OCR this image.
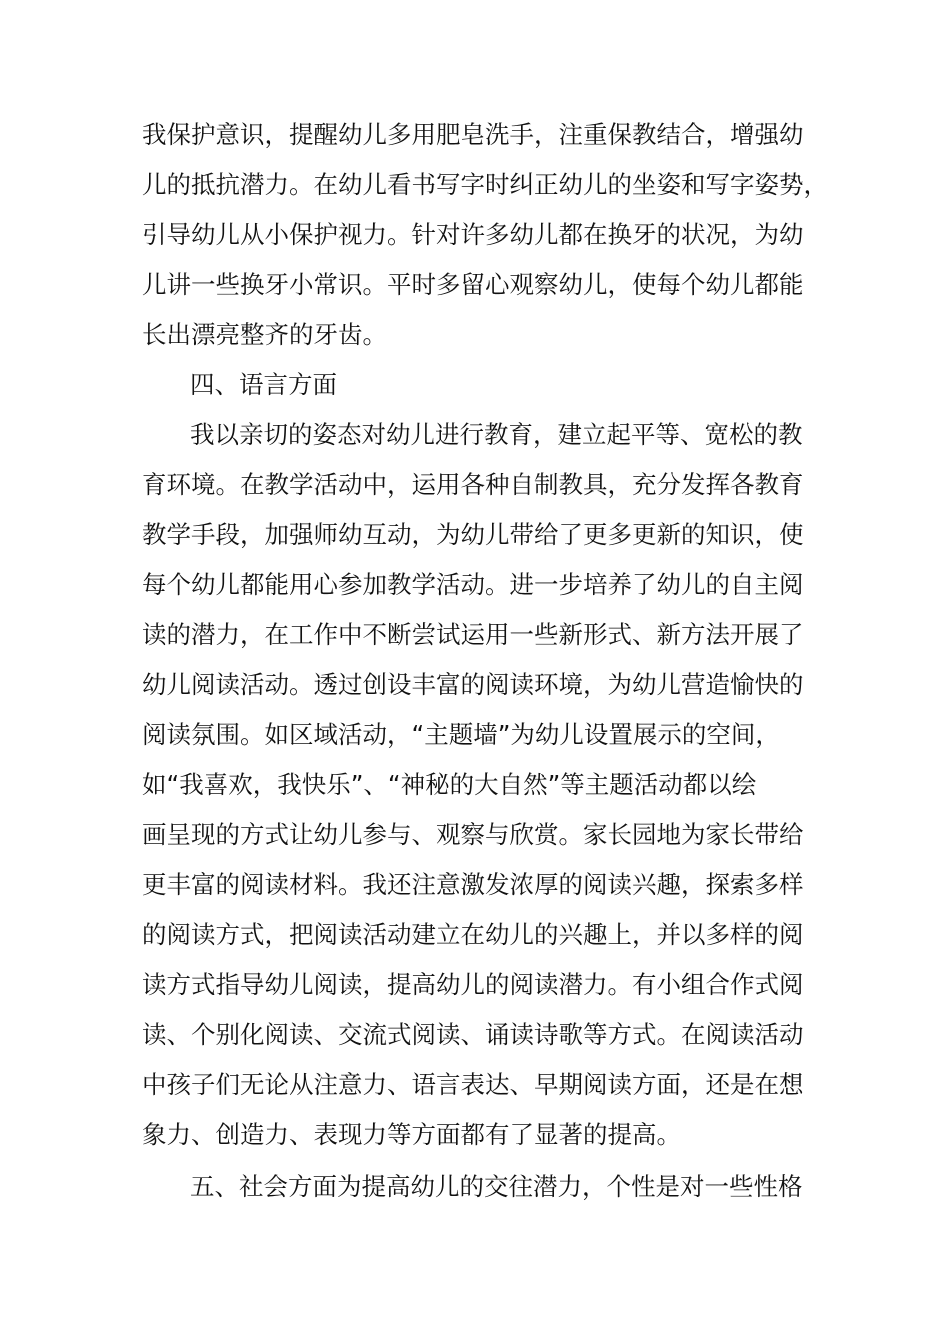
我保护意识，提醒幼儿多用肥皂洗手，注重保教结合，增强幼
儿的抵抗潜力。在幼儿看书写字时纠正幼儿的坐姿和写字姿势，
引导幼儿从小保护视力。针对许多幼儿都在换牙的状况，为幼
儿讲一些换牙小常识。平时多留心观察幼儿，使每个幼儿都能
长出漂亮整齐的牙齿。
四、语言方面
我以亲切的姿态对幼儿进行教育，建立起平等、宽松的教
育环境。在教学活动中，运用各种自制教具，充分发挥各教育
教学手段，加强师幼互动，为幼儿带给了更多更新的知识，使
每个幼儿都能用心参加教学活动。进一步培养了幼儿的自主阅
读的潜力，在工作中不断尝试运用一些新形式、新方法开展了
幼儿阅读活动。透过创设丰富的阅读环境，为幼儿营造愉快的
阅读氛围。如区域活动，“主题墙”为幼儿设置展示的空间，
如“我喜欢，我快乐”、“神秘的大自然”等主题活动都以绘
画呈现的方式让幼儿参与、观察与欣赏。家长园地为家长带给
更丰富的阅读材料。我还注意激发浓厚的阅读兴趣，探索多样
的阅读方式，把阅读活动建立在幼儿的兴趣上，并以多样的阅
读方式指导幼儿阅读，提高幼儿的阅读潜力。有小组合作式阅
读、个别化阅读、交流式阅读、诵读诗歌等方式。在阅读活动
中孩子们无论从注意力、语言表达、早期阅读方面，还是在想
象力、创造力、表现力等方面都有了显著的提高。
五、社会方面为提高幼儿的交往潜力，个性是对一些性格
